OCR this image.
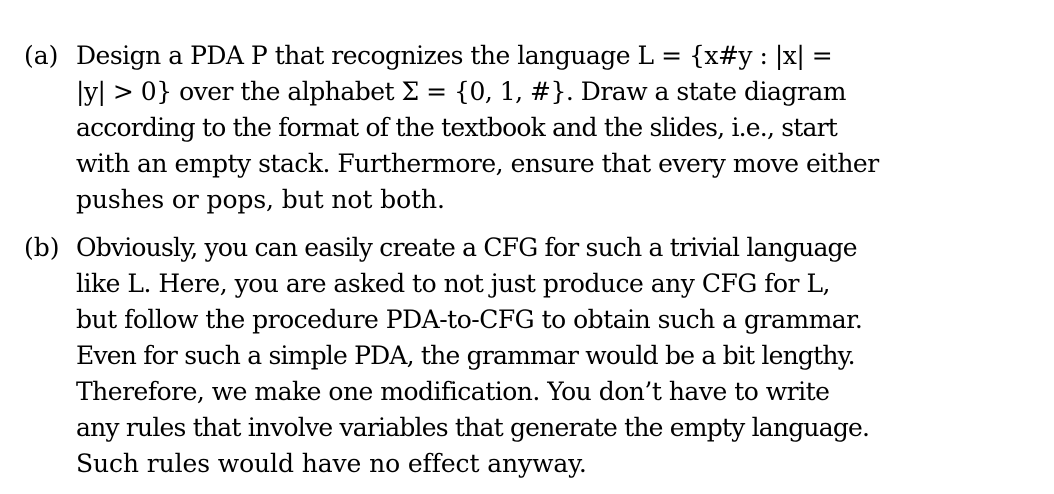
(a) Design a PDA P that recognizes the language L = {x#y : |x| =
|y| > 0} over the alphabet Σ = {0, 1, #}. Draw a state diagram
according to the format of the textbook and the slides, i.e., start
with an empty stack. Furthermore, ensure that every move either
pushes or pops, but not both.
(b) Obviously, you can easily create a CFG for such a trivial language
like L. Here, you are asked to not just produce any CFG for L,
but follow the procedure PDA-to-CFG to obtain such a grammar.
Even for such a simple PDA, the grammar would be a bit lengthy.
Therefore, we make one modification. You don’t have to write
any rules that involve variables that generate the empty language.
Such rules would have no effect anyway.
